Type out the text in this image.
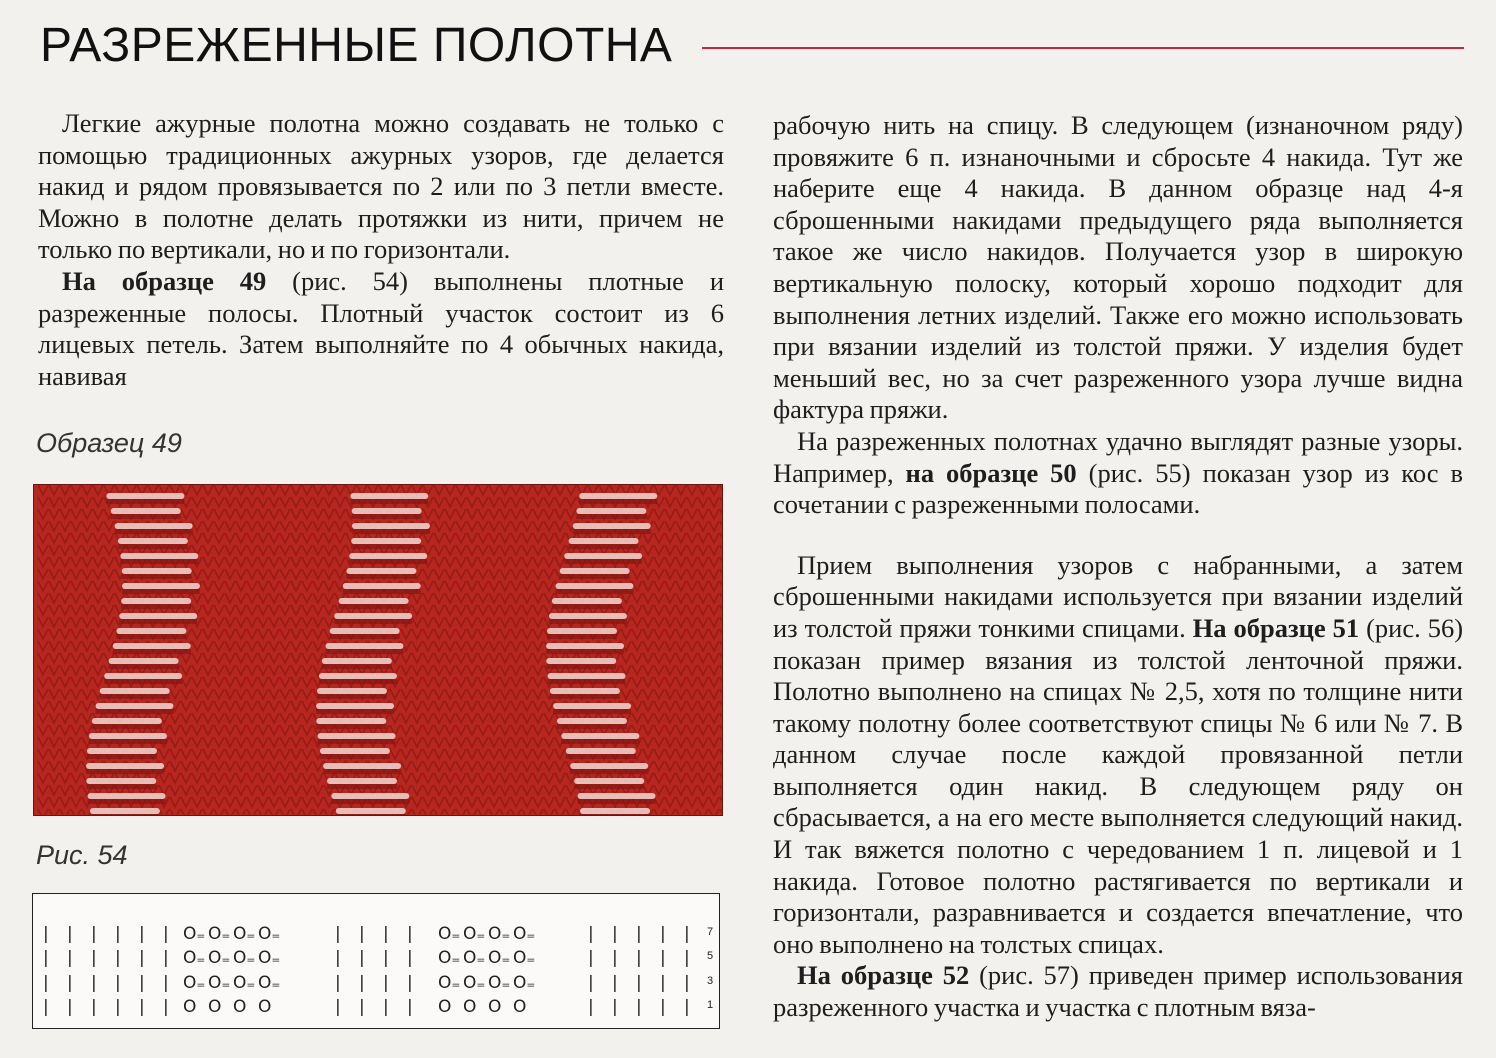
РАЗРЕЖЕННЫЕ ПОЛОТНА

Легкие ажурные полотна можно создавать не только с помощью традиционных ажурных узоров, где делается накид и рядом провязывается по 2 или по 3 петли вместе. Можно в полотне делать протяжки из нити, причем не только по вертикали, но и по горизонтали.

На образце 49 (рис. 54) выполнены плотные и разреженные полосы. Плотный участок состоит из 6 лицевых петель. Затем выполняйте по 4 обычных накида, навивая

Образец 49
Рис. 54
| | | | | |	| | | |	| | | | |
O₌ O₌ O₌ O₌	O₌ O₌ O₌ O₌	7
| | | | | |	| | | |	| | | | |
O₌ O₌ O₌ O₌	O₌ O₌ O₌ O₌	5
| | | | | |	| | | |	| | | | |
O₌ O₌ O₌ O₌	O₌ O₌ O₌ O₌	3
| | | | | |	| | | |	| | | | |
O O O O	O O O O	1

рабочую нить на спицу. В следующем (изнаночном ряду) провяжите 6 п. изнаночными и сбросьте 4 накида. Тут же наберите еще 4 накида. В данном образце над 4-я сброшенными накидами предыдущего ряда выполняется такое же число накидов. Получается узор в широкую вертикальную полоску, который хорошо подходит для выполнения летних изделий. Также его можно использовать при вязании изделий из толстой пряжи. У изделия будет меньший вес, но за счет разреженного узора лучше видна фактура пряжи.

На разреженных полотнах удачно выглядят разные узоры. Например, на образце 50 (рис. 55) показан узор из кос в сочетании с разреженными полосами.

Прием выполнения узоров с набранными, а затем сброшенными накидами используется при вязании изделий из толстой пряжи тонкими спицами. На образце 51 (рис. 56) показан пример вязания из толстой ленточной пряжи. Полотно выполнено на спицах № 2,5, хотя по толщине нити такому полотну более соответствуют спицы № 6 или № 7. В данном случае после каждой провязанной петли выполняется один накид. В следующем ряду он сбрасывается, а на его месте выполняется следующий накид. И так вяжется полотно с чередованием 1 п. лицевой и 1 накида. Готовое полотно растягивается по вертикали и горизонтали, разравнивается и создается впечатление, что оно выполнено на толстых спицах.

На образце 52 (рис. 57) приведен пример использования разреженного участка и участка с плотным вяза-
